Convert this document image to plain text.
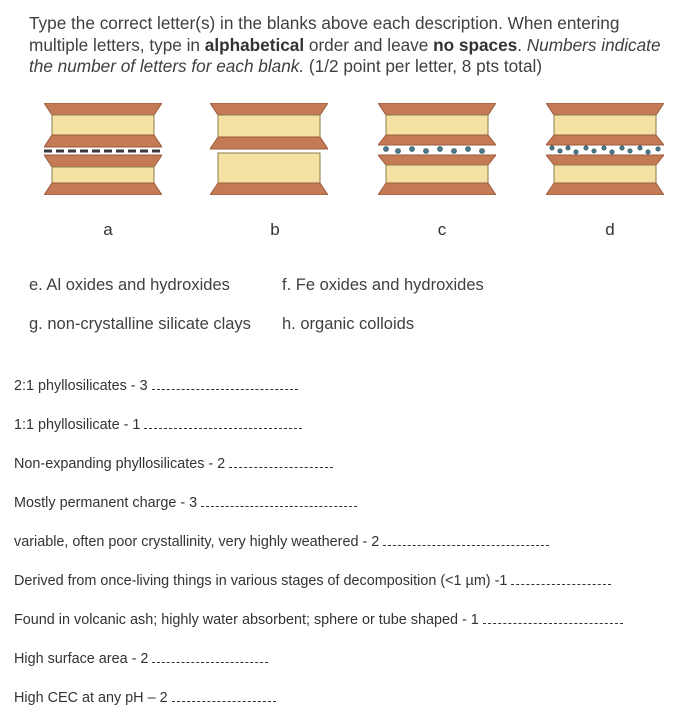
Type the correct letter(s) in the blanks above each description. When entering multiple letters, type in alphabetical order and leave no spaces. Numbers indicate the number of letters for each blank. (1/2 point per letter, 8 pts total)
a	b	c	d
e. Al oxides and hydroxides	f. Fe oxides and hydroxides
g. non-crystalline silicate clays h. organic colloids
2:1 phyllosilicates - 3
1:1 phyllosilicate - 1
Non-expanding phyllosilicates - 2
Mostly permanent charge - 3
variable, often poor crystallinity, very highly weathered - 2
Derived from once-living things in various stages of decomposition (<1 µm) -1
Found in volcanic ash; highly water absorbent; sphere or tube shaped - 1
High surface area - 2
High CEC at any pH – 2
